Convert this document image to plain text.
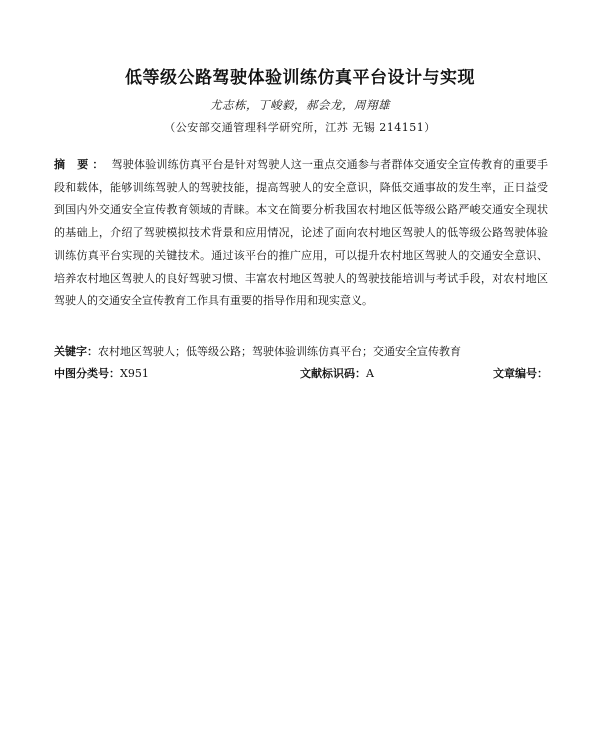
低等级公路驾驶体验训练仿真平台设计与实现
尤志栋，丁峻毅，郝会龙，周翔雄
（公安部交通管理科学研究所，江苏 无锡 214151）
摘 要： 驾驶体验训练仿真平台是针对驾驶人这一重点交通参与者群体交通安全宣传教育的重要手段和载体，能够训练驾驶人的驾驶技能，提高驾驶人的安全意识，降低交通事故的发生率，正日益受到国内外交通安全宣传教育领域的青睐。本文在简要分析我国农村地区低等级公路严峻交通安全现状的基础上，介绍了驾驶模拟技术背景和应用情况，论述了面向农村地区驾驶人的低等级公路驾驶体验训练仿真平台实现的关键技术。通过该平台的推广应用，可以提升农村地区驾驶人的交通安全意识、培养农村地区驾驶人的良好驾驶习惯、丰富农村地区驾驶人的驾驶技能培训与考试手段，对农村地区驾驶人的交通安全宣传教育工作具有重要的指导作用和现实意义。
关键字：农村地区驾驶人；低等级公路；驾驶体验训练仿真平台；交通安全宣传教育
中图分类号：X951	文献标识码：A	文章编号：
